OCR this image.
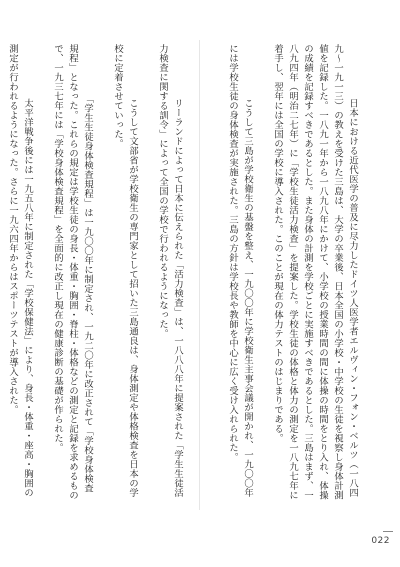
　日本における近代医学の普及に尽力したドイツ人医学者エルヴィン・フォン・ベルツ（一八四九～一九一三）の教えを受けた三島は、大学の卒業後、日本全国の小学校・中学校の生徒を視察し身体計測値を記録した。一八九一年から一八九八年にかけて、小学校の授業時間の間に体操の時間をとり入れ、体操の成績を記録すべきであるとした。また身体の計測を学校ごとに実施すべきであるとした。三島はまず、一八九四年（明治二七年）に「学校生徒活力検査」を提案した。学校生徒の体格と体力の測定を一八九七年に着手し、翌年には全国の学校に導入された。このことが現在の体力テストのはじまりである。

　こうして三島が学校衛生の基盤を整え、一九〇〇年に学校衛生主事会議が開かれ、一九〇〇年には学校生徒の身体検査が実施された。三島の方針は学校長や教師を中心に広く受け入れられた。

　リーランドによって日本に伝えられた「活力検査」は、一八八八年に提案された「学生生徒活力検査に関する訓令」によって全国の学校で行われるようになった。

　こうして文部省が学校衛生の専門家として招いた三島通良は、身体測定や体格検査を日本の学校に定着させていった。

　「学生生徒身体検査規程」は一九〇〇年に制定され、一九二〇年に改正されて「学校身体検査規程」となった。これらの規定は学校生徒の身長・体重・胸囲・脊柱・体格などの測定と記録を求めるもので、一九三七年には「学校身体検査規程」を全面的に改正し現在の健康診断の基礎が作られた。

　太平洋戦争後には一九五八年に制定された「学校保健法」により、身長・体重・座高・胸囲の測定が行われるようになった。さらに一九六四年からはスポーツテストが導入された。

022
